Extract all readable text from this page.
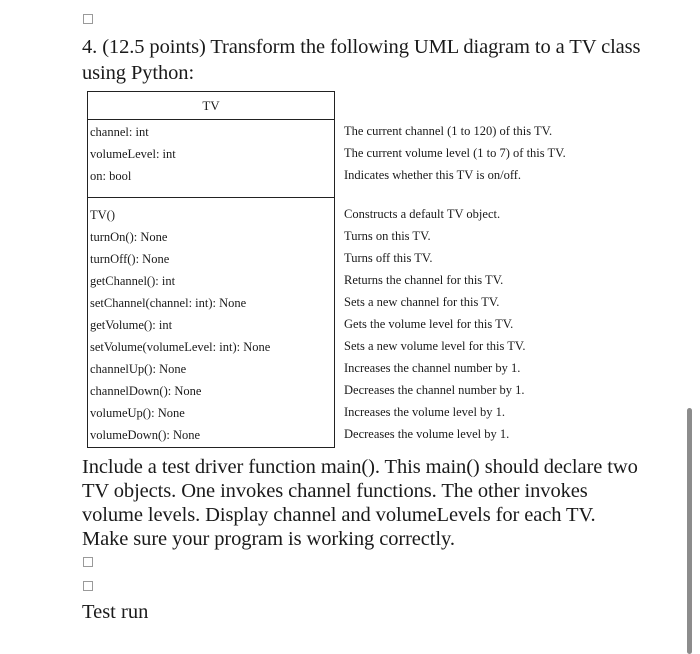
4. (12.5 points) Transform the following UML diagram to a TV class using Python:
TV
channel: int
volumeLevel: int
on: bool
TV()
turnOn(): None
turnOff(): None
getChannel(): int
setChannel(channel: int): None
getVolume(): int
setVolume(volumeLevel: int): None
channelUp(): None
channelDown(): None
volumeUp(): None
volumeDown(): None
The current channel (1 to 120) of this TV.
The current volume level (1 to 7) of this TV.
Indicates whether this TV is on/off.
Constructs a default TV object.
Turns on this TV.
Turns off this TV.
Returns the channel for this TV.
Sets a new channel for this TV.
Gets the volume level for this TV.
Sets a new volume level for this TV.
Increases the channel number by 1.
Decreases the channel number by 1.
Increases the volume level by 1.
Decreases the volume level by 1.
Include a test driver function main(). This main() should declare two TV objects. One invokes channel functions. The other invokes volume levels. Display channel and volumeLevels for each TV. Make sure your program is working correctly.
Test run
